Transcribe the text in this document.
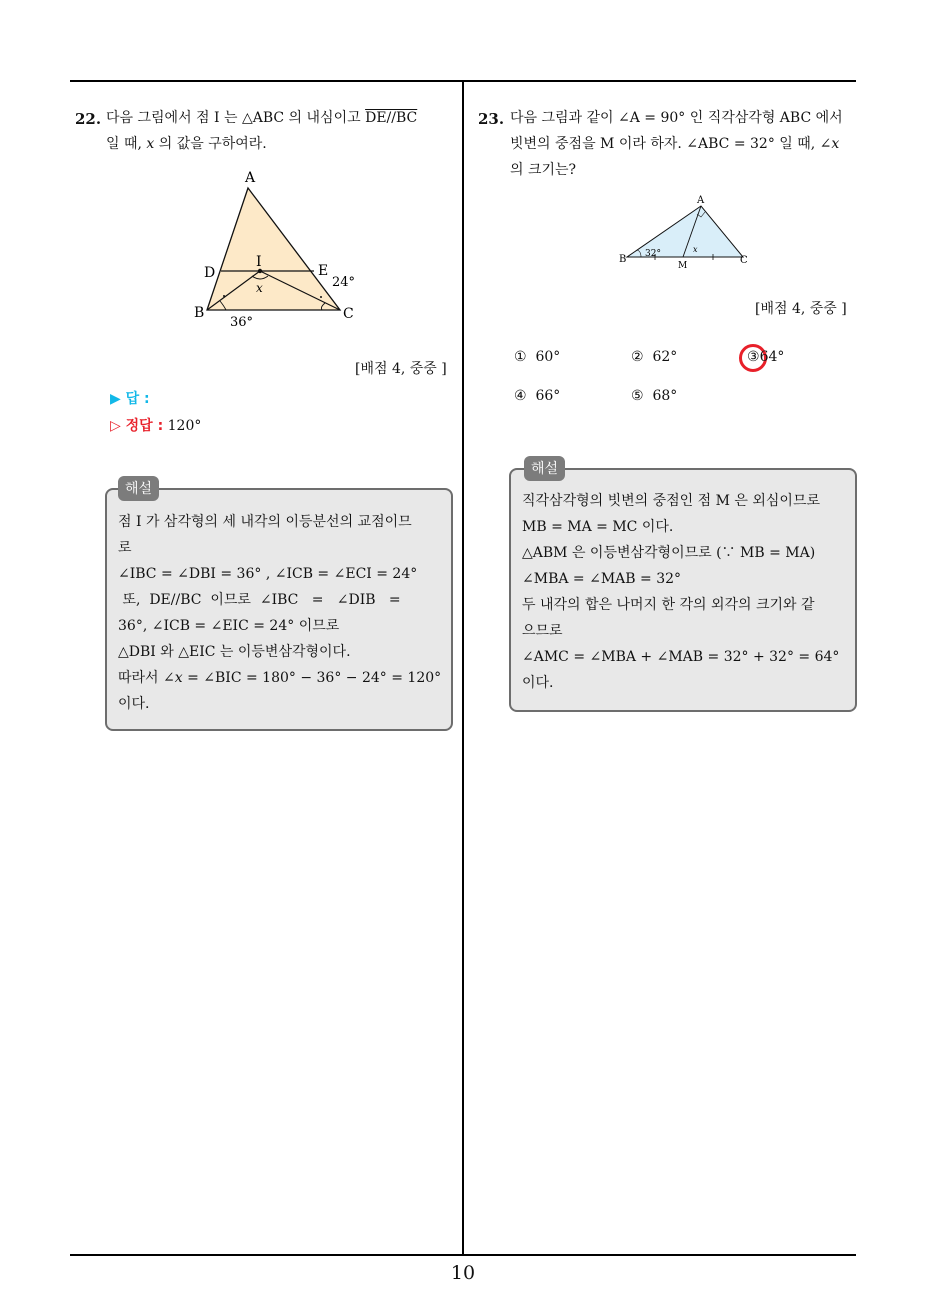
10
22. 다음 그림에서 점 I 는 △ABC 의 내심이고 DE//BC
일 때, 𝑥 의 값을 구하여라.
A
D	E
I
𝑥
B	C
36°
24°
[배점 4, 중중 ]
▶ 답 :
▷ 정답 : 120°
해설
점 I 가 삼각형의 세 내각의 이등분선의 교점이므
로
∠IBC = ∠DBI = 36° , ∠ICB = ∠ECI = 24°
또,  DE//BC  이므로  ∠IBC   =   ∠DIB   =
36°, ∠ICB = ∠EIC = 24° 이므로
△DBI 와 △EIC 는 이등변삼각형이다.
따라서 ∠𝑥 = ∠BIC = 180° − 36° − 24° = 120°
이다.
23. 다음 그림과 같이 ∠A = 90° 인 직각삼각형 ABC 에서
빗변의 중점을 M 이라 하자. ∠ABC = 32° 일 때, ∠𝑥
의 크기는?
A
B	C
M
𝑥
32°
[배점 4, 중중 ]
① 60°	② 62°	③64°
④ 66°	⑤ 68°
해설
직각삼각형의 빗변의 중점인 점 M 은 외심이므로
MB = MA = MC 이다.
△ABM 은 이등변삼각형이므로 (∵ MB = MA)
∠MBA = ∠MAB = 32°
두 내각의 합은 나머지 한 각의 외각의 크기와 같
으므로
∠AMC = ∠MBA + ∠MAB = 32° + 32° = 64°
이다.
